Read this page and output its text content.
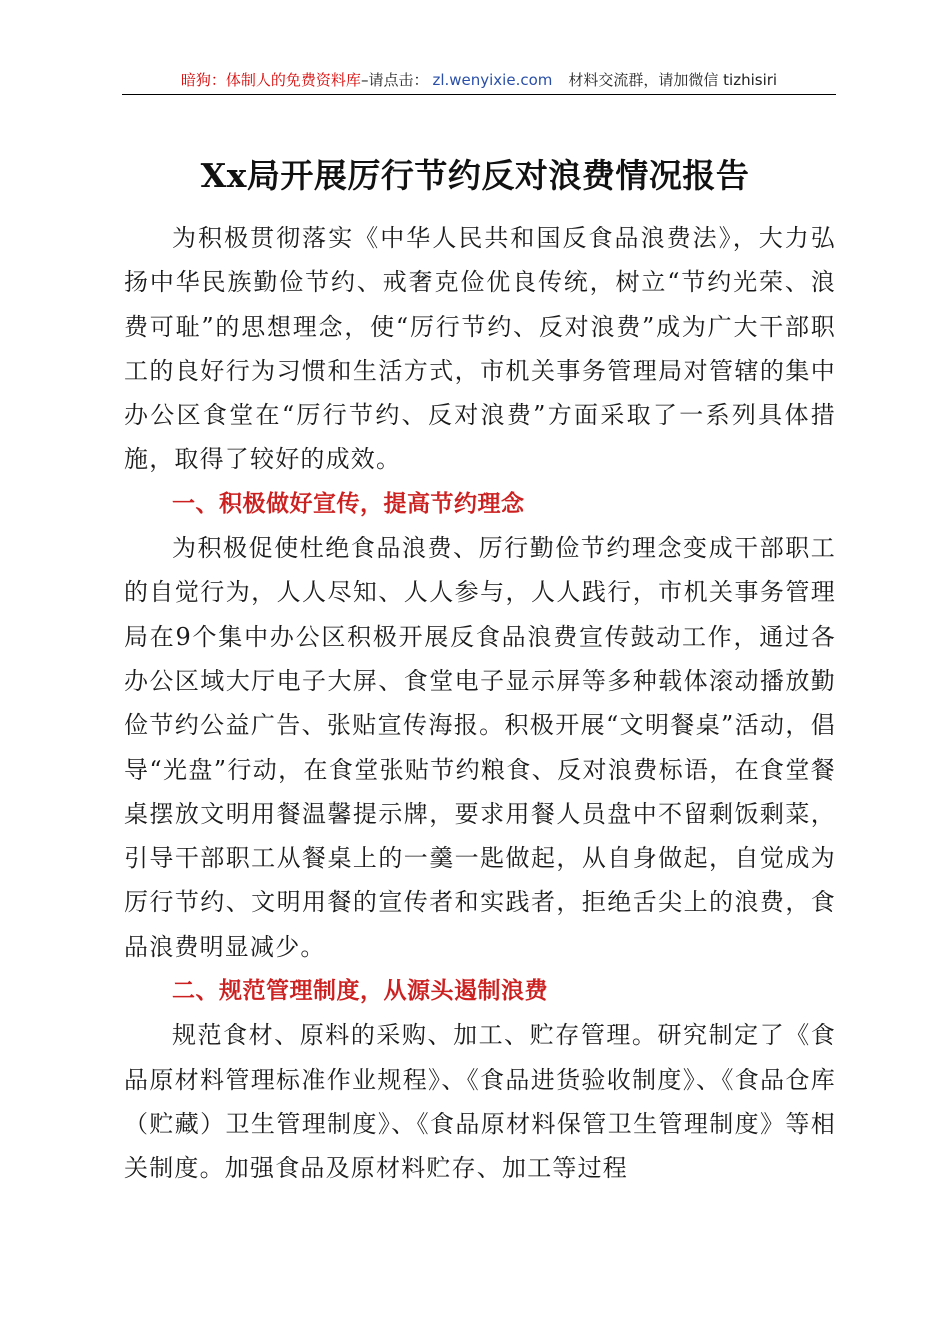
暗狗：体制人的免费资料库–请点击： zl.wenyixie.com 材料交流群，请加微信 tizhisiri
Xx局开展厉行节约反对浪费情况报告

为积极贯彻落实《中华人民共和国反食品浪费法》，大力弘扬中华民族勤俭节约、戒奢克俭优良传统，树立“节约光荣、浪费可耻”的思想理念，使“厉行节约、反对浪费”成为广大干部职工的良好行为习惯和生活方式，市机关事务管理局对管辖的集中办公区食堂在“厉行节约、反对浪费”方面采取了一系列具体措施，取得了较好的成效。

一、积极做好宣传，提高节约理念

为积极促使杜绝食品浪费、厉行勤俭节约理念变成干部职工的自觉行为，人人尽知、人人参与，人人践行，市机关事务管理局在9个集中办公区积极开展反食品浪费宣传鼓动工作，通过各办公区域大厅电子大屏、食堂电子显示屏等多种载体滚动播放勤俭节约公益广告、张贴宣传海报。积极开展“文明餐桌”活动，倡导“光盘”行动，在食堂张贴节约粮食、反对浪费标语，在食堂餐桌摆放文明用餐温馨提示牌，要求用餐人员盘中不留剩饭剩菜，引导干部职工从餐桌上的一羹一匙做起，从自身做起，自觉成为厉行节约、文明用餐的宣传者和实践者，拒绝舌尖上的浪费，食品浪费明显减少。

二、规范管理制度，从源头遏制浪费

规范食材、原料的采购、加工、贮存管理。研究制定了《食品原材料管理标准作业规程》、《食品进货验收制度》、《食品仓库（贮藏）卫生管理制度》、《食品原材料保管卫生管理制度》等相关制度。加强食品及原材料贮存、加工等过程
